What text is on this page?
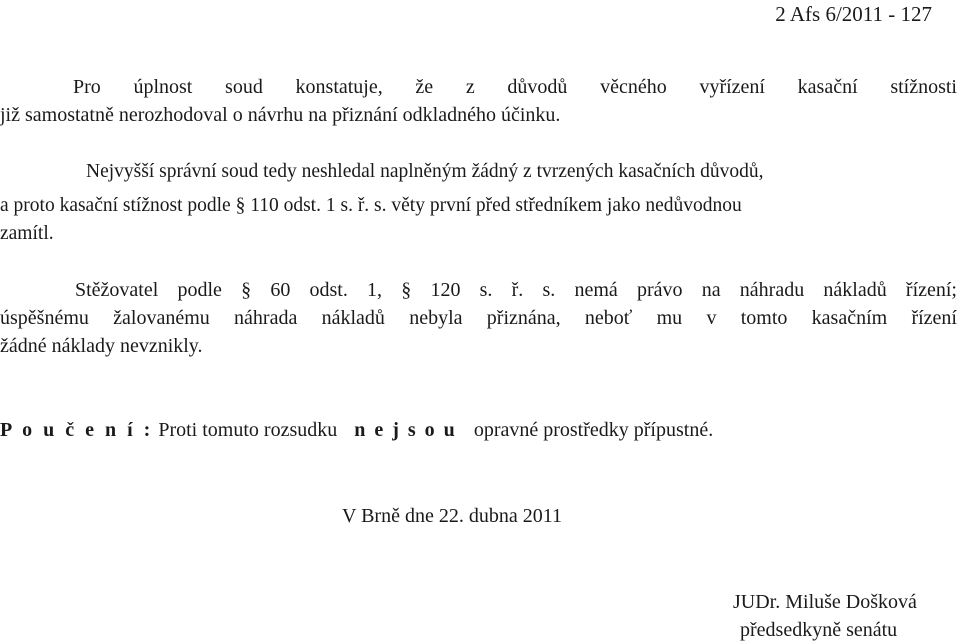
2 Afs 6/2011 - 127
Pro úplnost soud konstatuje, že z důvodů věcného vyřízení kasační stížnosti
již samostatně nerozhodoval o návrhu na přiznání odkladného účinku.
Nejvyšší správní soud tedy neshledal naplněným žádný z tvrzených kasačních důvodů,
a proto kasační stížnost podle § 110 odst. 1 s. ř. s. věty první před středníkem jako nedůvodnou
zamítl.
Stěžovatel podle § 60 odst. 1, § 120 s. ř. s. nemá právo na náhradu nákladů řízení;
úspěšnému žalovanému náhrada nákladů nebyla přiznána, neboť mu v tomto kasačním řízení
žádné náklady nevznikly.
P o u č e n í : Proti tomuto rozsudku n e j s o u opravné prostředky přípustné.
V Brně dne 22. dubna 2011
JUDr. Miluše Došková
předsedkyně senátu
